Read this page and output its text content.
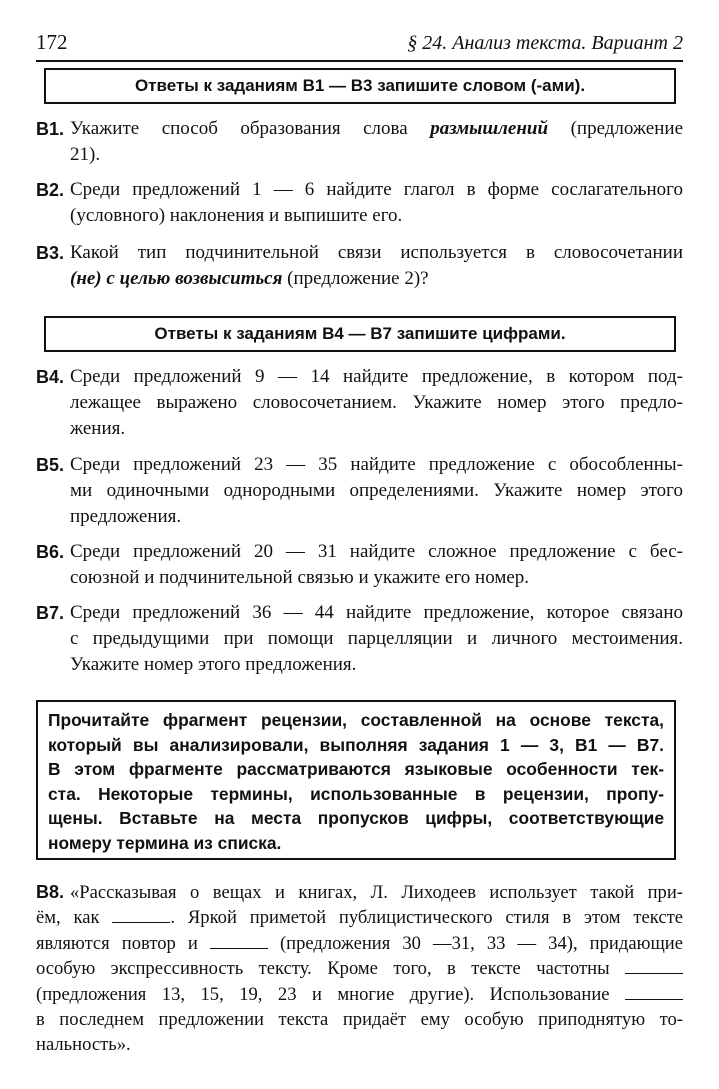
172	§ 24. Анализ текста. Вариант 2
Ответы к заданиям В1 — В3 запишите словом (-ами).
В1. Укажите способ образования слова размышлений (предложение
21).
В2. Среди предложений 1 — 6 найдите глагол в форме сослагательного
(условного) наклонения и выпишите его.
В3. Какой тип подчинительной связи используется в словосочетании
(не) с целью возвыситься (предложение 2)?
Ответы к заданиям В4 — В7 запишите цифрами.
В4. Среди предложений 9 — 14 найдите предложение, в котором под-
лежащее выражено словосочетанием. Укажите номер этого предло-
жения.
В5. Среди предложений 23 — 35 найдите предложение с обособленны-
ми одиночными однородными определениями. Укажите номер этого
предложения.
В6. Среди предложений 20 — 31 найдите сложное предложение с бес-
союзной и подчинительной связью и укажите его номер.
В7. Среди предложений 36 — 44 найдите предложение, которое связано
с предыдущими при помощи парцелляции и личного местоимения.
Укажите номер этого предложения.
Прочитайте фрагмент рецензии, составленной на основе текста,
который вы анализировали, выполняя задания 1 — 3, В1 — В7.
В этом фрагменте рассматриваются языковые особенности тек-
ста. Некоторые термины, использованные в рецензии, пропу-
щены. Вставьте на места пропусков цифры, соответствующие
номеру термина из списка.
В8. «Рассказывая о вещах и книгах, Л. Лиходеев использует такой при-
ём, как	. Яркой приметой публицистического стиля в этом тексте
являются повтор и	(предложения 30 —31, 33 — 34), придающие
особую экспрессивность тексту. Кроме того, в тексте частотны
(предложения 13, 15, 19, 23 и многие другие). Использование
в последнем предложении текста придаёт ему особую приподнятую то-
нальность».
